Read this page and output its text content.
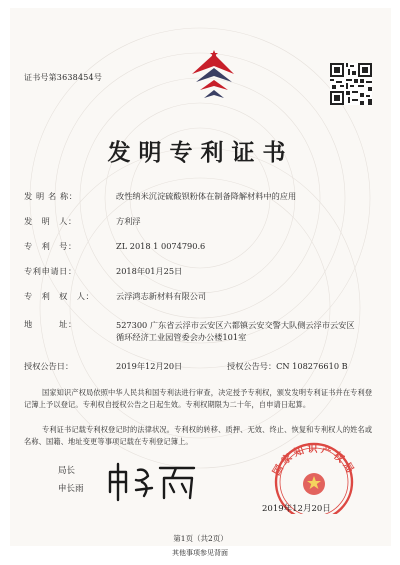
证书号第3638454号
发明专利证书
发 明 名 称：	改性纳米沉淀硫酸钡粉体在制备降解材料中的应用
发　明　人：	方利浮
专　利　号：	ZL 2018 1 0074790.6
专利申请日：	2018年01月25日
专　利　权　人：	云浮鸿志新材料有限公司
地　　　址：	527300 广东省云浮市云安区六都镇云安交警大队侧云浮市云安区循环经济工业园管委会办公楼101室
授权公告日：	2019年12月20日	授权公告号：CN 108276610 B
国家知识产权局依照中华人民共和国专利法进行审查，决定授予专利权，颁发发明专利证书并在专利登记簿上予以登记。专利权自授权公告之日起生效。专利权期限为二十年，自申请日起算。
专利证书记载专利权登记时的法律状况。专利权的转移、质押、无效、终止、恢复和专利权人的姓名或名称、国籍、地址变更等事项记载在专利登记簿上。
局长
申长雨
国家知识产权局
2019年12月20日
第1页（共2页）
其他事项参见背面
